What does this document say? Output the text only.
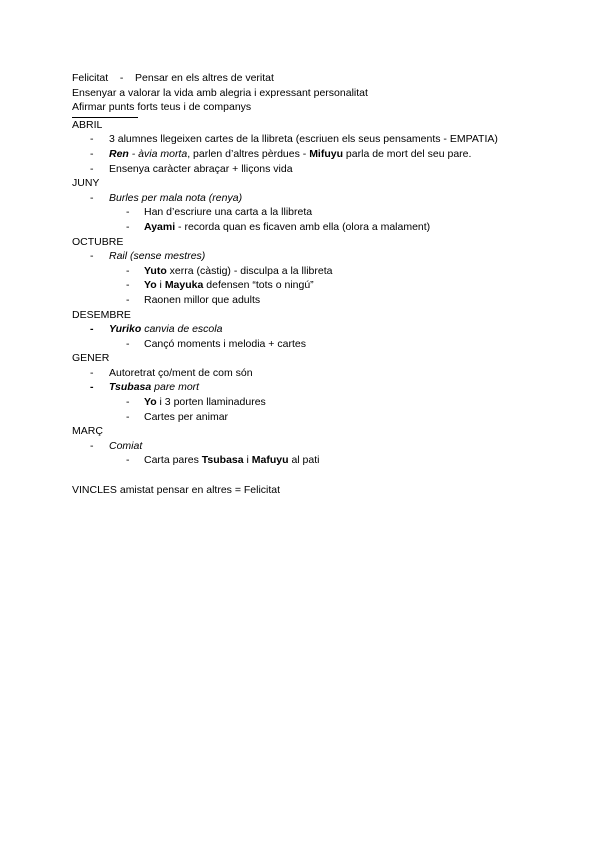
Felicitat - Pensar en els altres de veritat
Ensenyar a valorar la vida amb alegria i expressant personalitat
Afirmar punts forts teus i de companys
ABRIL
- 3 alumnes llegeixen cartes de la llibreta (escriuen els seus pensaments - EMPATIA)
- Ren - àvia morta, parlen d’altres pèrdues - Mifuyu parla de mort del seu pare.
- Ensenya caràcter abraçar + lliçons vida
JUNY
- Burles per mala nota (renya)
- Han d’escriure una carta a la llibreta
- Ayami - recorda quan es ficaven amb ella (olora a malament)
OCTUBRE
- Rail (sense mestres)
- Yuto xerra (càstig) - disculpa a la llibreta
- Yo i Mayuka defensen “tots o ningú”
- Raonen millor que adults
DESEMBRE
- Yuriko canvia de escola
- Cançó moments i melodia + cartes
GENER
- Autoretrat ço/ment de com són
- Tsubasa pare mort
- Yo i 3 porten llaminadures
- Cartes per animar
MARÇ
- Comiat
- Carta pares Tsubasa i Mafuyu al pati
VINCLES amistat pensar en altres = Felicitat
